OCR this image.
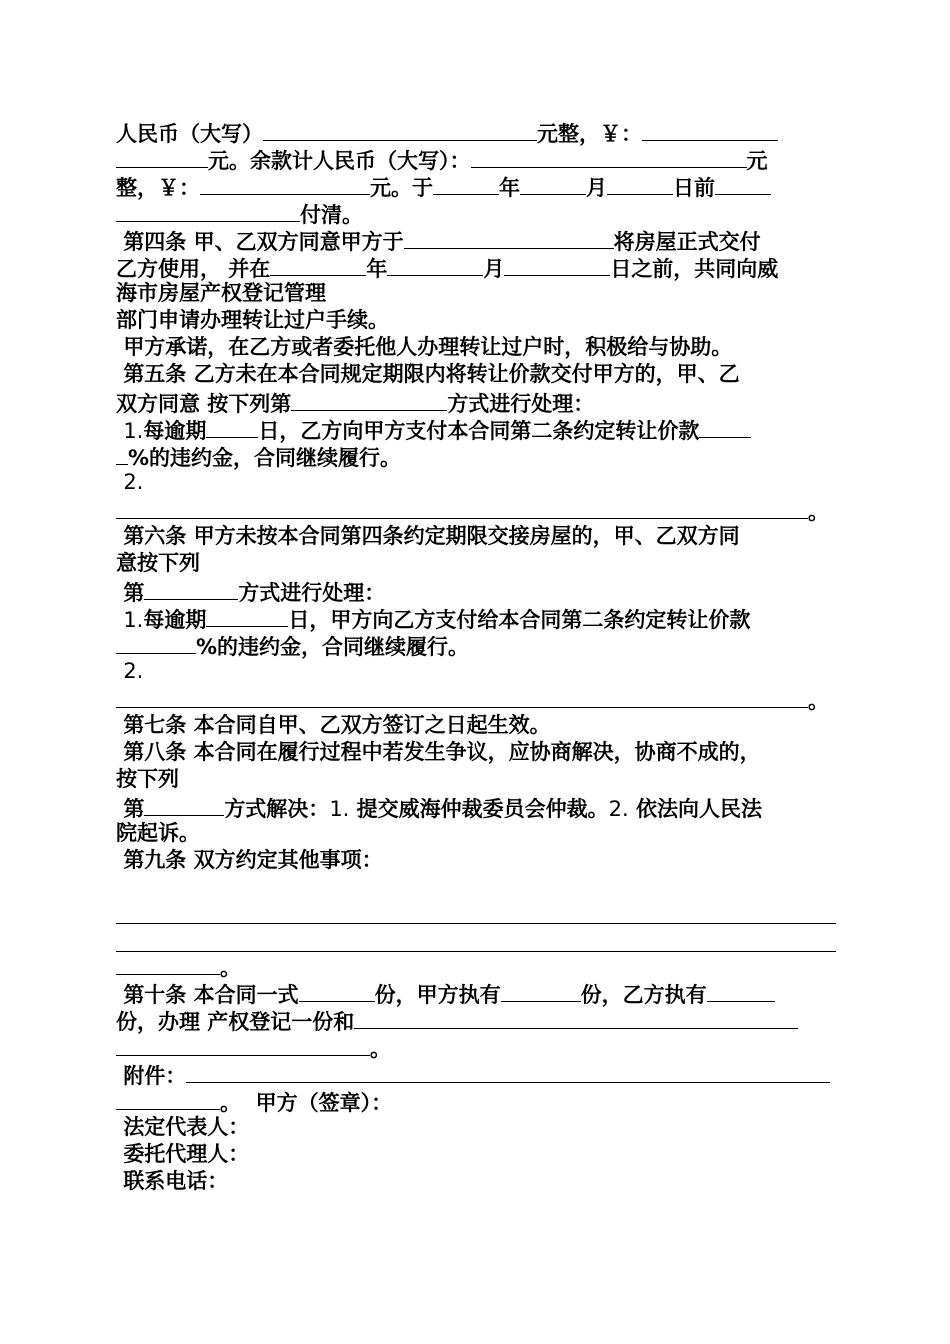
人民币（大写）	元整，￥：
元。余款计人民币（大写）：	元
整，￥：	元。于	年	月	日前
付清。
第四条 甲、乙双方同意甲方于	将房屋正式交付
乙方使用， 并在	年	月	日之前，共同向威
海市房屋产权登记管理
部门申请办理转让过户手续。
甲方承诺，在乙方或者委托他人办理转让过户时，积极给与协助。
第五条 乙方未在本合同规定期限内将转让价款交付甲方的，甲、乙
双方同意 按下列第	方式进行处理：
1.每逾期 日，乙方向甲方支付本合同第二条约定转让价款
%的违约金，合同继续履行。
2.
。
第六条 甲方未按本合同第四条约定期限交接房屋的，甲、乙双方同
意按下列
第	方式进行处理：
1.每逾期	日，甲方向乙方支付给本合同第二条约定转让价款
%的违约金，合同继续履行。
2.
。
第七条 本合同自甲、乙双方签订之日起生效。
第八条 本合同在履行过程中若发生争议，应协商解决，协商不成的，
按下列
第	方式解决：1. 提交威海仲裁委员会仲裁。2. 依法向人民法
院起诉。
第九条 双方约定其他事项：
。
第十条 本合同一式	份，甲方执有	份，乙方执有
份，办理 产权登记一份和
。
附件：
。 甲方（签章）：
法定代表人：
委托代理人：
联系电话：
